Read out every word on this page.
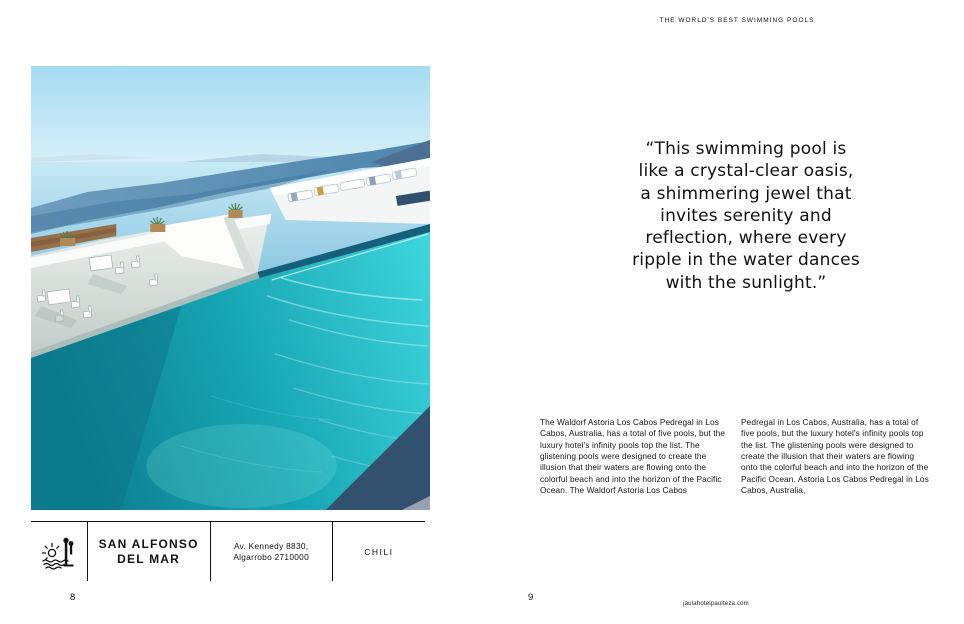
SAN ALFONSO
DEL MAR
Av. Kennedy 8830,
Algarrobo 2710000	CHILI
8
THE WORLD'S BEST SWIMMING POOLS
“This swimming pool is
like a crystal-clear oasis,
a shimmering jewel that
invites serenity and
reflection, where every
ripple in the water dances
with the sunlight.”
The Waldorf Astoria Los Cabos Pedregal in Los Cabos, Australia, has a total of five pools, but the luxury hotel's infinity pools top the list. The glistening pools were designed to create the illusion that their waters are flowing onto the colorful beach and into the horizon of the Pacific Ocean. The Waldorf Astoria Los Cabos
Pedregal in Los Cabos, Australia, has a total of five pools, but the luxury hotel's infinity pools top the list. The glistening pools were designed to create the illusion that their waters are flowing onto the colorful beach and into the horizon of the Pacific Ocean. Astoria Los Cabos Pedregal in Los Cabos, Australia,
9
jaulahotelpaulteza.com
